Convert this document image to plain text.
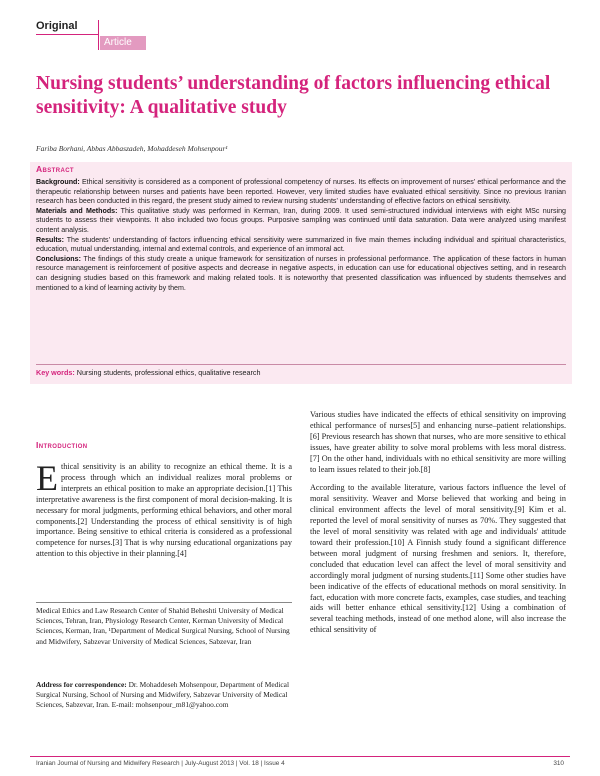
Original
Article
Nursing students’ understanding of factors influencing ethical sensitivity: A qualitative study
Fariba Borhani, Abbas Abbaszadeh, Mohaddeseh Mohsenpour¹
Abstract

Background: Ethical sensitivity is considered as a component of professional competency of nurses. Its effects on improvement of nurses' ethical performance and the therapeutic relationship between nurses and patients have been reported. However, very limited studies have evaluated ethical sensitivity. Since no previous Iranian research has been conducted in this regard, the present study aimed to review nursing students' understanding of effective factors on ethical sensitivity.

Materials and Methods: This qualitative study was performed in Kerman, Iran, during 2009. It used semi-structured individual interviews with eight MSc nursing students to assess their viewpoints. It also included two focus groups. Purposive sampling was continued until data saturation. Data were analyzed using manifest content analysis.

Results: The students' understanding of factors influencing ethical sensitivity were summarized in five main themes including individual and spiritual characteristics, education, mutual understanding, internal and external controls, and experience of an immoral act.

Conclusions: The findings of this study create a unique framework for sensitization of nurses in professional performance. The application of these factors in human resource management is reinforcement of positive aspects and decrease in negative aspects, in education can use for educational objectives setting, and in research can designing studies based on this framework and making related tools. It is noteworthy that presented classification was influenced by students themselves and mentioned to a kind of learning activity by them.

Key words: Nursing students, professional ethics, qualitative research
Introduction

Ethical sensitivity is an ability to recognize an ethical theme. It is a process through which an individual realizes moral problems or interprets an ethical position to make an appropriate decision.[1] This interpretative awareness is the first component of moral decision-making. It is necessary for moral judgments, performing ethical behaviors, and other moral components.[2] Understanding the process of ethical sensitivity is of high importance. Being sensitive to ethical criteria is considered as a professional competence for nurses.[3] That is why nursing educational organizations pay attention to this objective in their planning.[4]

Medical Ethics and Law Research Center of Shahid Beheshti University of Medical Sciences, Tehran, Iran, Physiology Research Center, Kerman University of Medical Sciences, Kerman, Iran, ¹Department of Medical Surgical Nursing, School of Nursing and Midwifery, Sabzevar University of Medical Sciences, Sabzevar, Iran
Address for correspondence: Dr. Mohaddeseh Mohsenpour, Department of Medical Surgical Nursing, School of Nursing and Midwifery, Sabzevar University of Medical Sciences, Sabzevar, Iran. E-mail: mohsenpour_m81@yahoo.com

Various studies have indicated the effects of ethical sensitivity on improving ethical performance of nurses[5] and enhancing nurse–patient relationships.[6] Previous research has shown that nurses, who are more sensitive to ethical issues, have greater ability to solve moral problems with less moral distress.[7] On the other hand, individuals with no ethical sensitivity are more willing to learn issues related to their job.[8]

According to the available literature, various factors influence the level of moral sensitivity. Weaver and Morse believed that working and being in clinical environment affects the level of moral sensitivity.[9] Kim et al. reported the level of moral sensitivity of nurses as 70%. They suggested that the level of moral sensitivity was related with age and individuals' attitude toward their profession.[10] A Finnish study found a significant difference between moral judgment of nursing freshmen and seniors. It, therefore, concluded that education level can affect the level of moral sensitivity and accordingly moral judgment of nursing students.[11] Some other studies have been indicative of the effects of educational methods on moral sensitivity. In fact, education with more concrete facts, examples, case studies, and teaching aids will better enhance ethical sensitivity.[12] Using a combination of several teaching methods, instead of one method alone, will also increase the ethical sensitivity of

Iranian Journal of Nursing and Midwifery Research | July-August 2013 | Vol. 18 | Issue 4	310
